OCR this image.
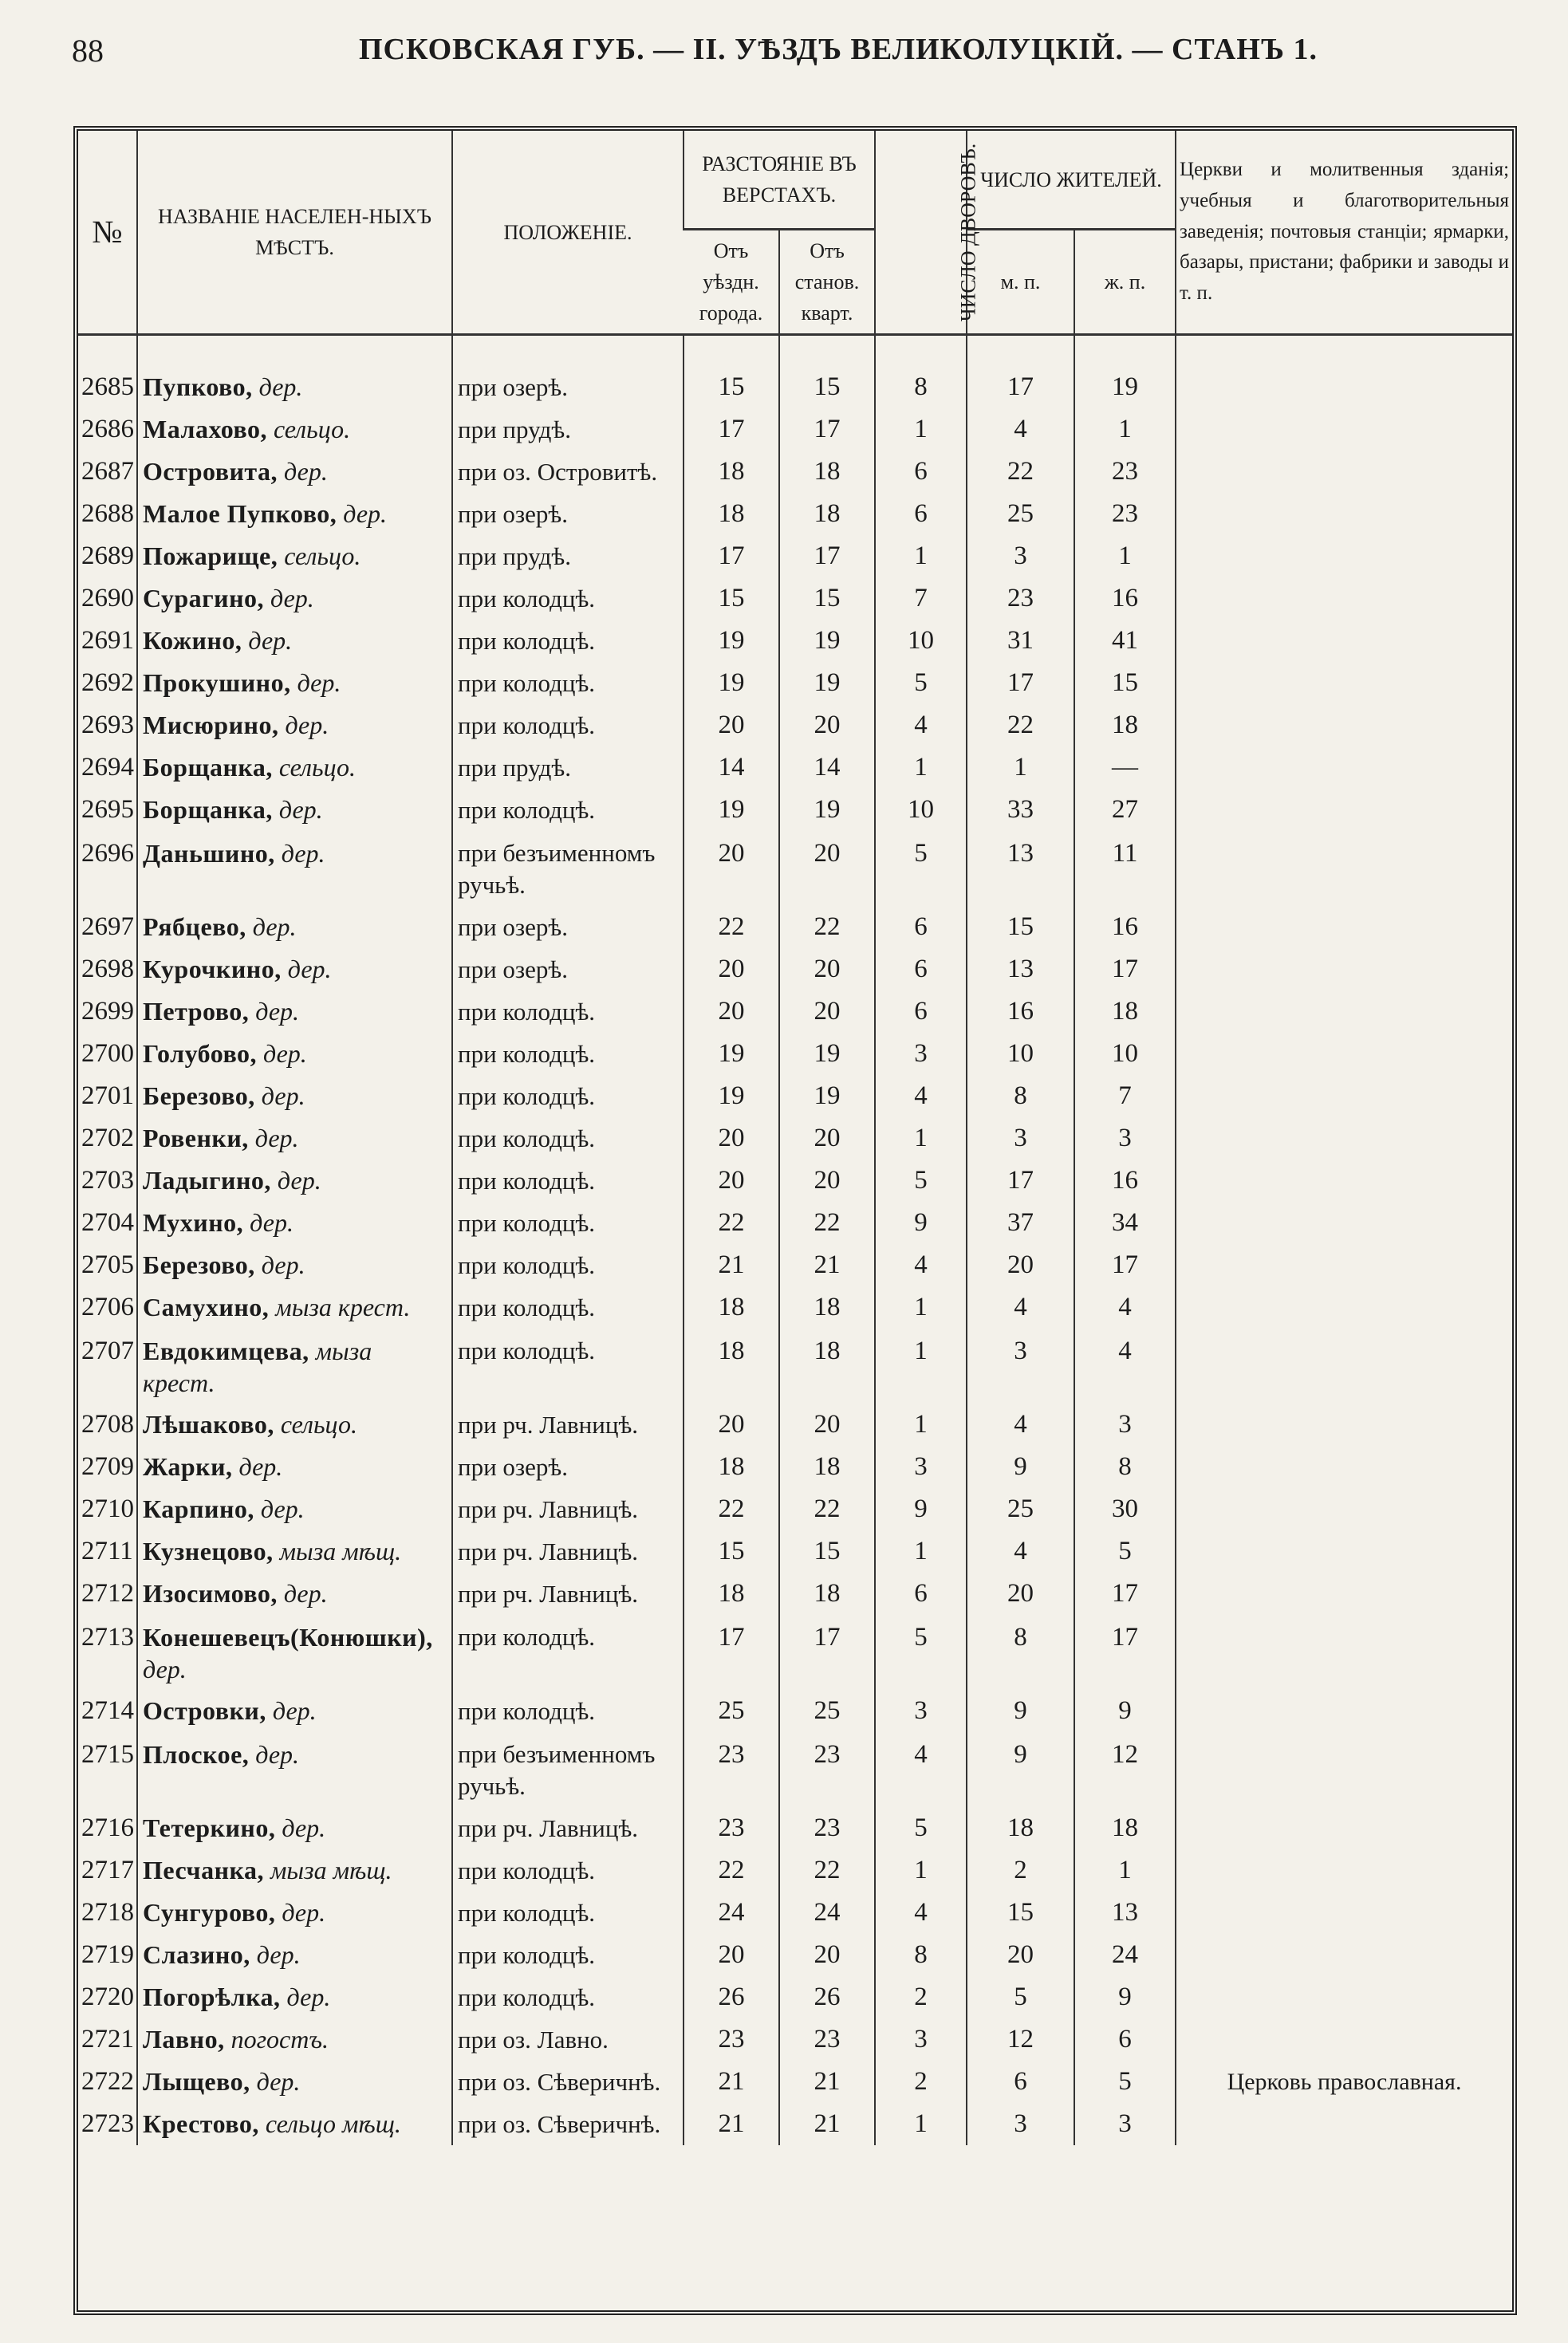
88	ПСКОВСКАЯ ГУБ. — II. УѢЗДЪ ВЕЛИКОЛУЦКІЙ. — СТАНЪ 1.
№	НАЗВАНІЕ НАСЕЛЕН-НЫХЪ МѢСТЪ.	ПОЛОЖЕНІЕ.	РАЗСТОЯНІЕ ВЪ ВЕРСТАХЪ.		ЧИСЛО ДВОРОВЪ.	ЧИСЛО ЖИТЕЛЕЙ.		Церкви и молитвенныя зданія; учебныя и благотворительныя заведенія; почтовыя станціи; ярмарки, базары, пристани; фабрики и заводы и т. п.
			Отъ уѣздн. города.	Отъ станов. кварт.		м. п.	ж. п.	

2685	Пупково, дер.	при озерѣ.	15	15	8	17	19	
2686	Малахово, сельцо.	при прудѣ.	17	17	1	4	1	
2687	Островита, дер.	при оз. Островитѣ.	18	18	6	22	23	
2688	Малое Пупково, дер.	при озерѣ.	18	18	6	25	23	
2689	Пожарище, сельцо.	при прудѣ.	17	17	1	3	1	
2690	Сурагино, дер.	при колодцѣ.	15	15	7	23	16	
2691	Кожино, дер.	при колодцѣ.	19	19	10	31	41	
2692	Прокушино, дер.	при колодцѣ.	19	19	5	17	15	
2693	Мисюрино, дер.	при колодцѣ.	20	20	4	22	18	
2694	Борщанка, сельцо.	при прудѣ.	14	14	1	1	—	
2695	Борщанка, дер.	при колодцѣ.	19	19	10	33	27	
2696	Даньшино, дер.	при безъименномъ ручьѣ.	20	20	5	13	11	
2697	Рябцево, дер.	при озерѣ.	22	22	6	15	16	
2698	Курочкино, дер.	при озерѣ.	20	20	6	13	17	
2699	Петрово, дер.	при колодцѣ.	20	20	6	16	18	
2700	Голубово, дер.	при колодцѣ.	19	19	3	10	10	
2701	Березово, дер.	при колодцѣ.	19	19	4	8	7	
2702	Ровенки, дер.	при колодцѣ.	20	20	1	3	3	
2703	Ладыгино, дер.	при колодцѣ.	20	20	5	17	16	
2704	Мухино, дер.	при колодцѣ.	22	22	9	37	34	
2705	Березово, дер.	при колодцѣ.	21	21	4	20	17	
2706	Самухино, мыза крест.	при колодцѣ.	18	18	1	4	4	
2707	Евдокимцева, мыза крест.	при колодцѣ.	18	18	1	3	4	
2708	Лѣшаково, сельцо.	при рч. Лавницѣ.	20	20	1	4	3	
2709	Жарки, дер.	при озерѣ.	18	18	3	9	8	
2710	Карпино, дер.	при рч. Лавницѣ.	22	22	9	25	30	
2711	Кузнецово, мыза мѣщ.	при рч. Лавницѣ.	15	15	1	4	5	
2712	Изосимово, дер.	при рч. Лавницѣ.	18	18	6	20	17	
2713	Конешевецъ(Конюшки), дер.	при колодцѣ.	17	17	5	8	17	
2714	Островки, дер.	при колодцѣ.	25	25	3	9	9	
2715	Плоское, дер.	при безъименномъ ручьѣ.	23	23	4	9	12	
2716	Тетеркино, дер.	при рч. Лавницѣ.	23	23	5	18	18	
2717	Песчанка, мыза мѣщ.	при колодцѣ.	22	22	1	2	1	
2718	Сунгурово, дер.	при колодцѣ.	24	24	4	15	13	
2719	Слазино, дер.	при колодцѣ.	20	20	8	20	24	
2720	Погорѣлка, дер.	при колодцѣ.	26	26	2	5	9	
2721	Лавно, погостъ.	при оз. Лавно.	23	23	3	12	6	
2722	Лыщево, дер.	при оз. Сѣверичнѣ.	21	21	2	6	5	Церковь православная.
2723	Крестово, сельцо мѣщ.	при оз. Сѣверичнѣ.	21	21	1	3	3	
